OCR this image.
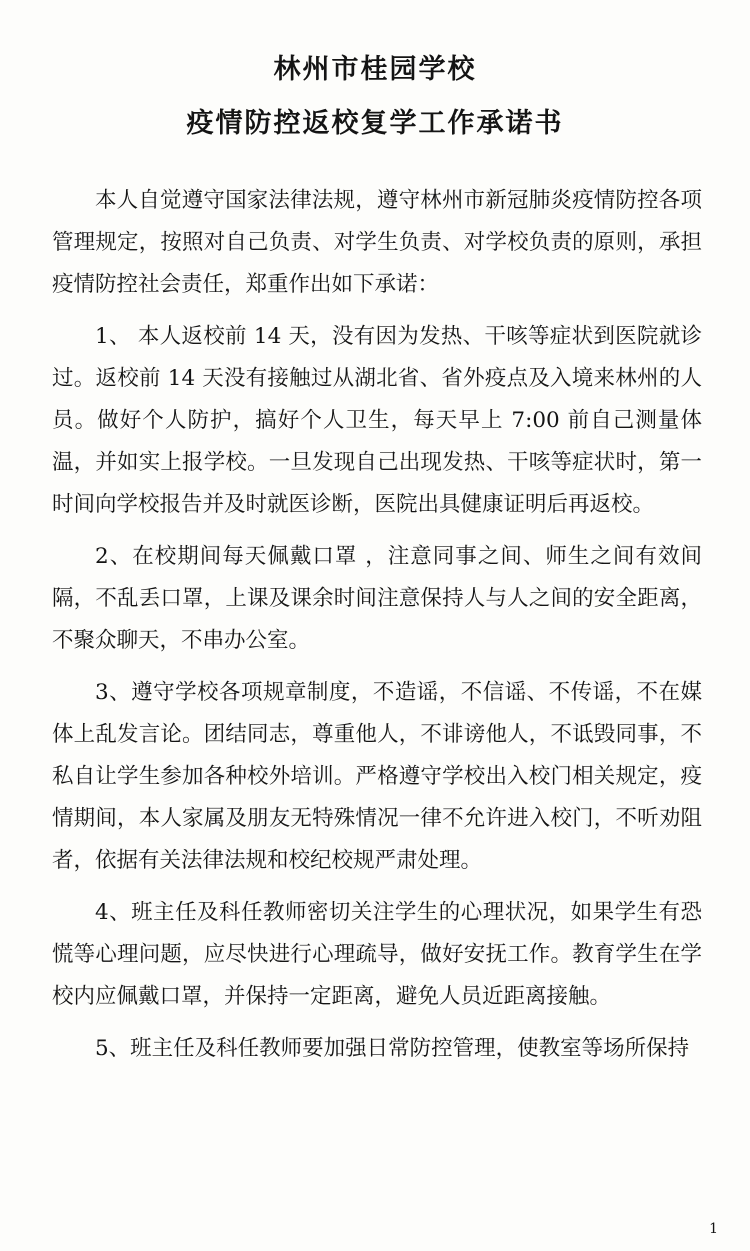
林州市桂园学校
疫情防控返校复学工作承诺书

本人自觉遵守国家法律法规，遵守林州市新冠肺炎疫情防控各项管理规定，按照对自己负责、对学生负责、对学校负责的原则，承担疫情防控社会责任，郑重作出如下承诺：

1、 本人返校前 14 天，没有因为发热、干咳等症状到医院就诊过。返校前 14 天没有接触过从湖北省、省外疫点及入境来林州的人员。做好个人防护，搞好个人卫生，每天早上 7:00 前自己测量体温，并如实上报学校。一旦发现自己出现发热、干咳等症状时，第一时间向学校报告并及时就医诊断，医院出具健康证明后再返校。

2、在校期间每天佩戴口罩 ，注意同事之间、师生之间有效间隔，不乱丢口罩，上课及课余时间注意保持人与人之间的安全距离，不聚众聊天，不串办公室。

3、遵守学校各项规章制度，不造谣，不信谣、不传谣，不在媒体上乱发言论。团结同志，尊重他人，不诽谤他人，不诋毁同事，不私自让学生参加各种校外培训。严格遵守学校出入校门相关规定，疫情期间，本人家属及朋友无特殊情况一律不允许进入校门，不听劝阻者，依据有关法律法规和校纪校规严肃处理。

4、班主任及科任教师密切关注学生的心理状况，如果学生有恐慌等心理问题，应尽快进行心理疏导，做好安抚工作。教育学生在学校内应佩戴口罩，并保持一定距离，避免人员近距离接触。

5、班主任及科任教师要加强日常防控管理，使教室等场所保持

1
